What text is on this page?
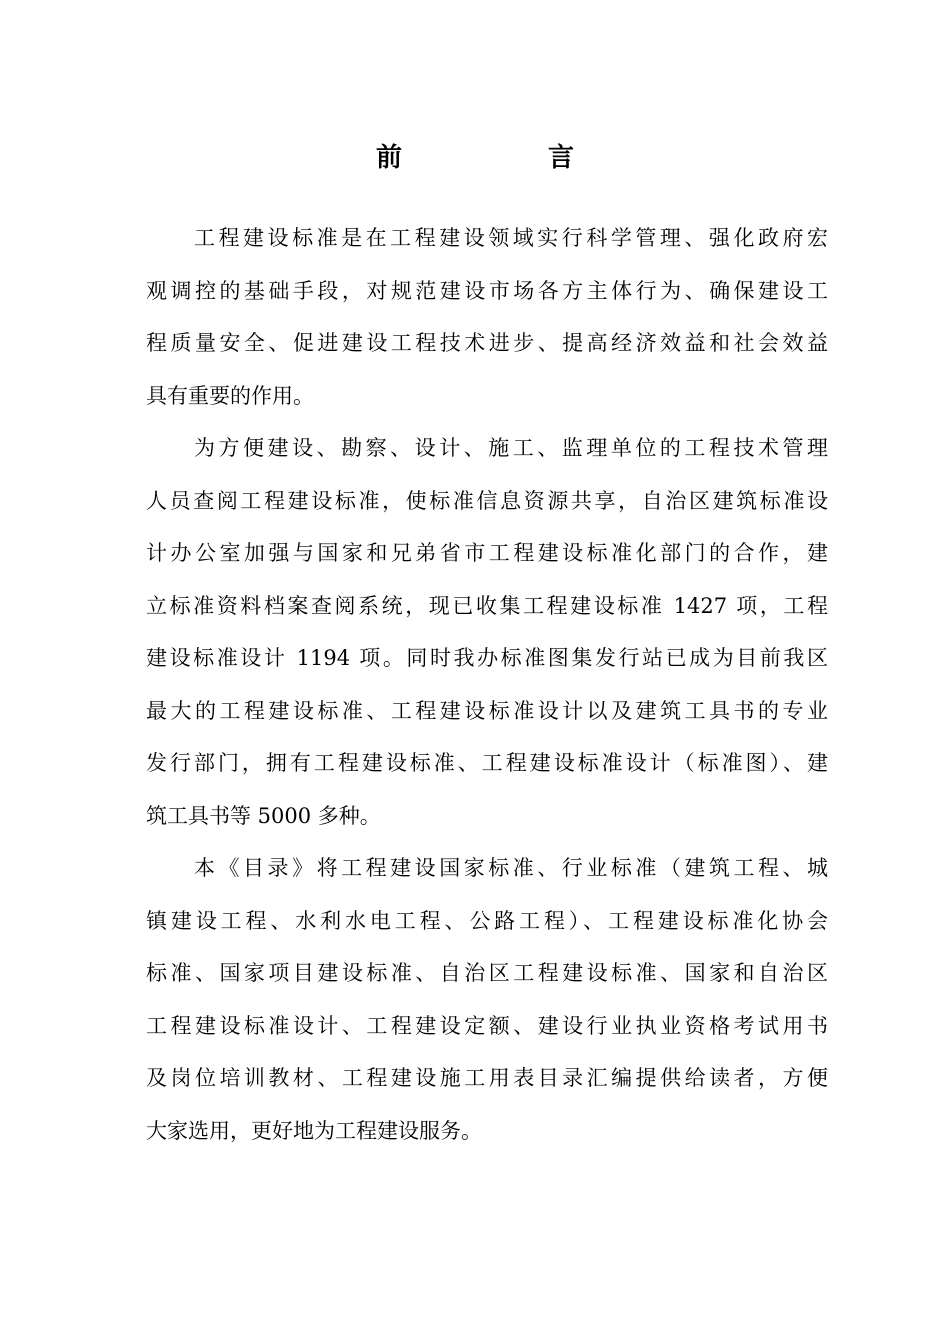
前　言
工程建设标准是在工程建设领域实行科学管理、强化政府宏
观调控的基础手段，对规范建设市场各方主体行为、确保建设工
程质量安全、促进建设工程技术进步、提高经济效益和社会效益
具有重要的作用。
为方便建设、勘察、设计、施工、监理单位的工程技术管理
人员查阅工程建设标准，使标准信息资源共享，自治区建筑标准设
计办公室加强与国家和兄弟省市工程建设标准化部门的合作，建
立标准资料档案查阅系统，现已收集工程建设标准 1427 项，工程
建设标准设计 1194 项。同时我办标准图集发行站已成为目前我区
最大的工程建设标准、工程建设标准设计以及建筑工具书的专业
发行部门，拥有工程建设标准、工程建设标准设计（标准图）、建
筑工具书等 5000 多种。
本《目录》将工程建设国家标准、行业标准（建筑工程、城
镇建设工程、水利水电工程、公路工程）、工程建设标准化协会
标准、国家项目建设标准、自治区工程建设标准、国家和自治区
工程建设标准设计、工程建设定额、建设行业执业资格考试用书
及岗位培训教材、工程建设施工用表目录汇编提供给读者，方便
大家选用，更好地为工程建设服务。
